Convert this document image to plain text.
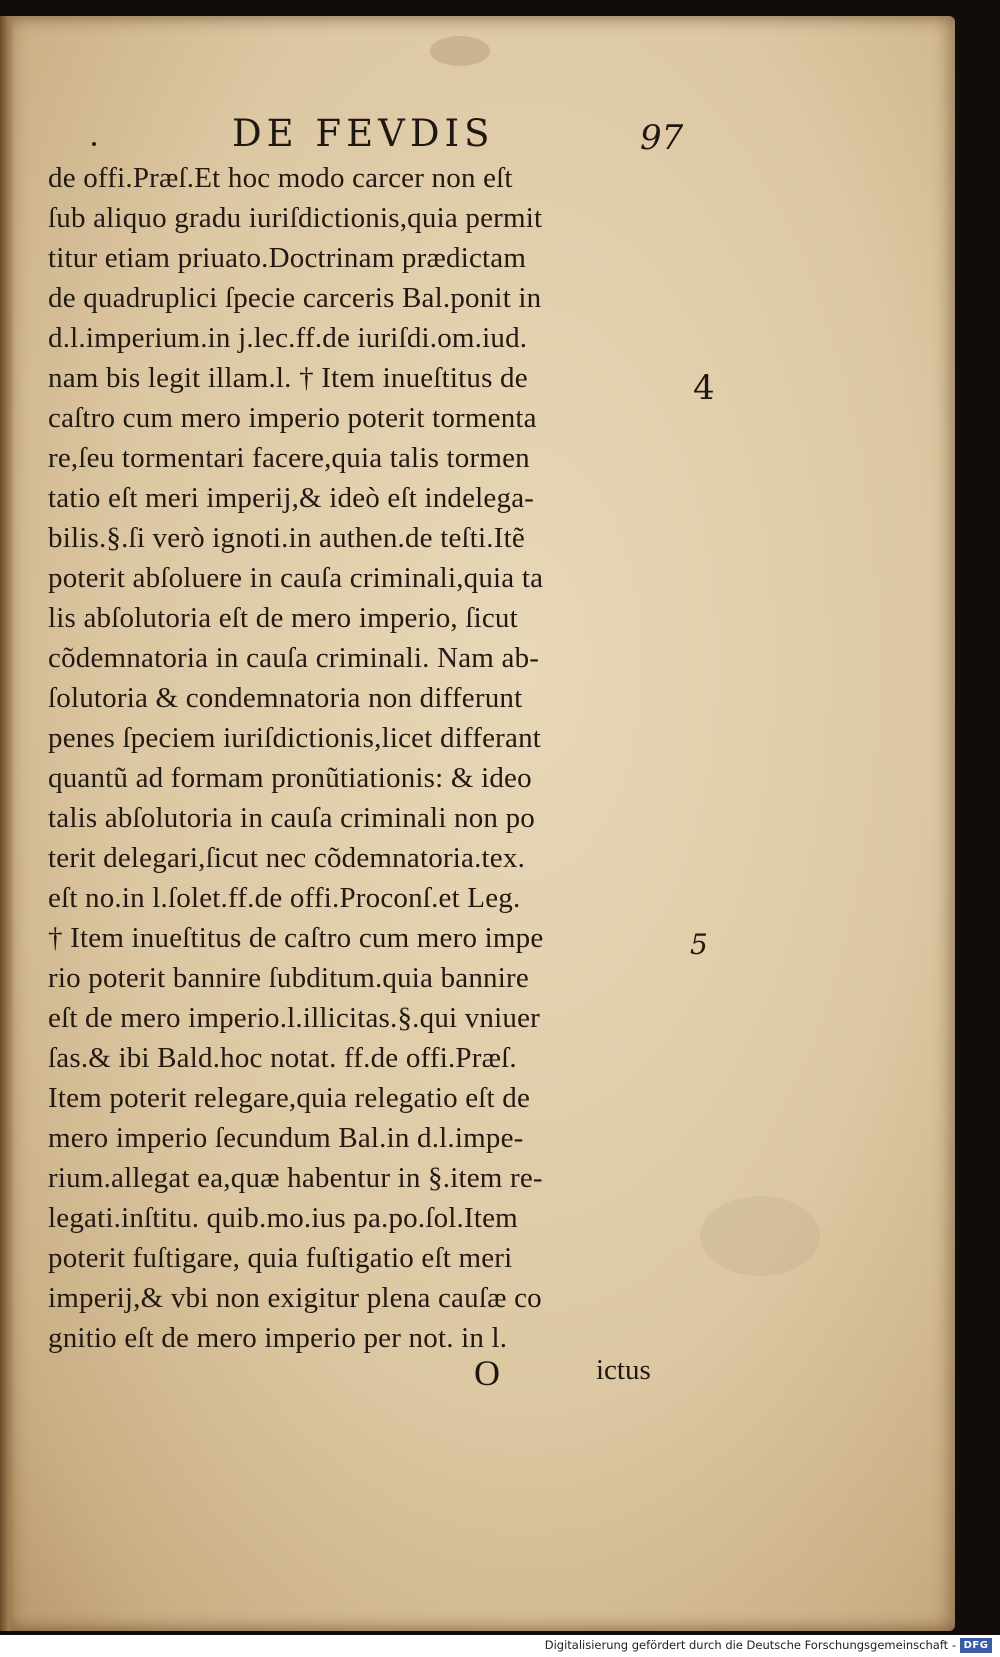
DE FEVDIS	97
de offi.Præſ.Et hoc modo carcer non eſt
ſub aliquo gradu iuriſdictionis,quia permit
titur etiam priuato.Doctrinam prædictam
de quadruplici ſpecie carceris Bal.ponit in
d.l.imperium.in j.lec.ff.de iuriſdi.om.iud.
nam bis legit illam.l. † Item inueſtitus de
caſtro cum mero imperio poterit tormenta
re,ſeu tormentari facere,quia talis tormen
tatio eſt meri imperij,& ideò eſt indelega-
bilis.§.ſi verò ignoti.in authen.de teſti.Itẽ
poterit abſoluere in cauſa criminali,quia ta
lis abſolutoria eſt de mero imperio, ſicut
cõdemnatoria in cauſa criminali. Nam ab-
ſolutoria & condemnatoria non differunt
penes ſpeciem iuriſdictionis,licet differant
quantũ ad formam pronũtiationis: & ideo
talis abſolutoria in cauſa criminali non po
terit delegari,ſicut nec cõdemnatoria.tex.
eſt no.in l.ſolet.ff.de offi.Proconſ.et Leg.
† Item inueſtitus de caſtro cum mero impe
rio poterit bannire ſubditum.quia bannire
eſt de mero imperio.l.illicitas.§.qui vniuer
ſas.& ibi Bald.hoc notat. ff.de offi.Præſ.
Item poterit relegare,quia relegatio eſt de
mero imperio ſecundum Bal.in d.l.impe-
rium.allegat ea,quæ habentur in §.item re-
legati.inſtitu. quib.mo.ius pa.po.ſol.Item
poterit fuſtigare, quia fuſtigatio eſt meri
imperij,& vbi non exigitur plena cauſæ co
gnitio eſt de mero imperio per not. in l.
4
5
O	ictus
Digitalisierung gefördert durch die Deutsche Forschungsgemeinschaft - DFG
